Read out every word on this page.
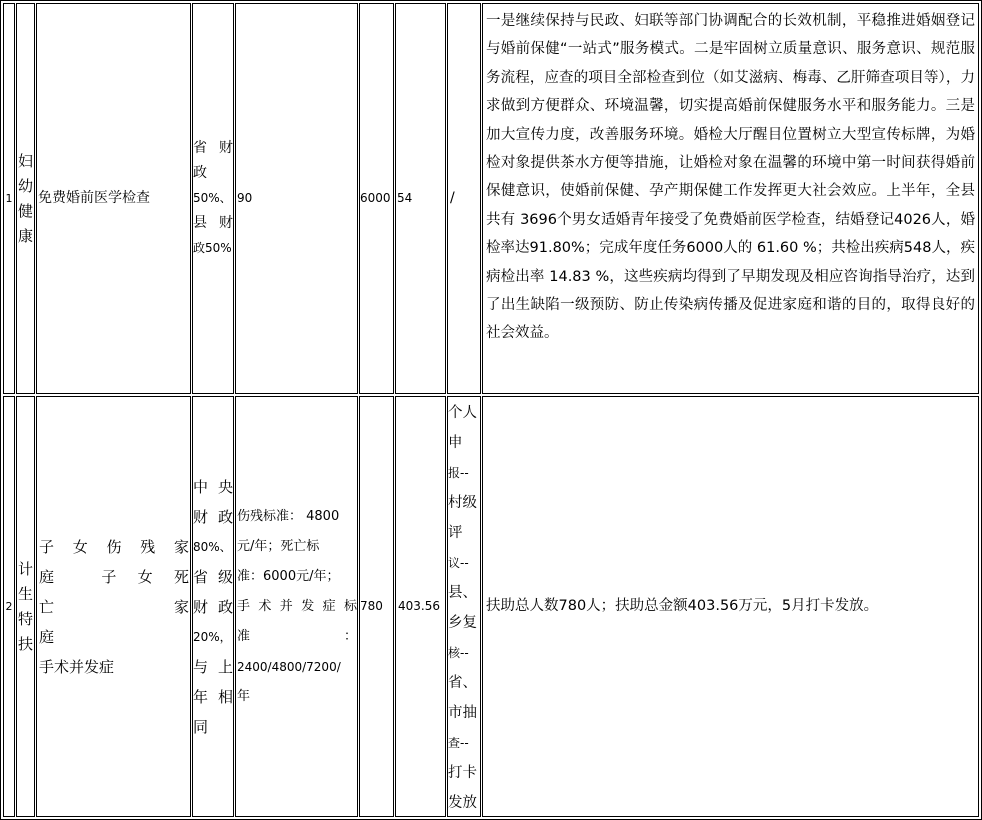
1
妇幼健康
免费婚前医学检查
省财
政
50%、
县财
政50%
90	6000 54	/
一是继续保持与民政、妇联等部门协调配合的长效机制，平稳推进婚姻登记与婚前保健“一站式”服务模式。二是牢固树立质量意识、服务意识、规范服务流程，应查的项目全部检查到位（如艾滋病、梅毒、乙肝筛查项目等），力求做到方便群众、环境温馨，切实提高婚前保健服务水平和服务能力。三是加大宣传力度，改善服务环境。婚检大厅醒目位置树立大型宣传标牌，为婚检对象提供茶水方便等措施，让婚检对象在温馨的环境中第一时间获得婚前保健意识，使婚前保健、孕产期保健工作发挥更大社会效应。上半年，全县共有 3696个男女适婚青年接受了免费婚前医学检查，结婚登记4026人，婚检率达91.80%；完成年度任务6000人的 61.60 %；共检出疾病548人，疾病检出率 14.83 %，这些疾病均得到了早期发现及相应咨询指导治疗，达到了出生缺陷一级预防、防止传染病传播及促进家庭和谐的目的，取得良好的社会效益。
2
计生特扶
子 女 伤 残 家
庭 子女死
亡 家
庭
手术并发症
中央
财政
80%、
省级
财政
20%，
与上
年相
同
伤残标准： 4800
元/年；死亡标
准：6000元/年；
手术并发症标
准 ：
2400/4800/7200/
年
780 403.56
个人
申
报--
村级
评
议--
县、
乡复
核--
省、
市抽
查--
打卡
发放
扶助总人数780人；扶助总金额403.56万元，5月打卡发放。
